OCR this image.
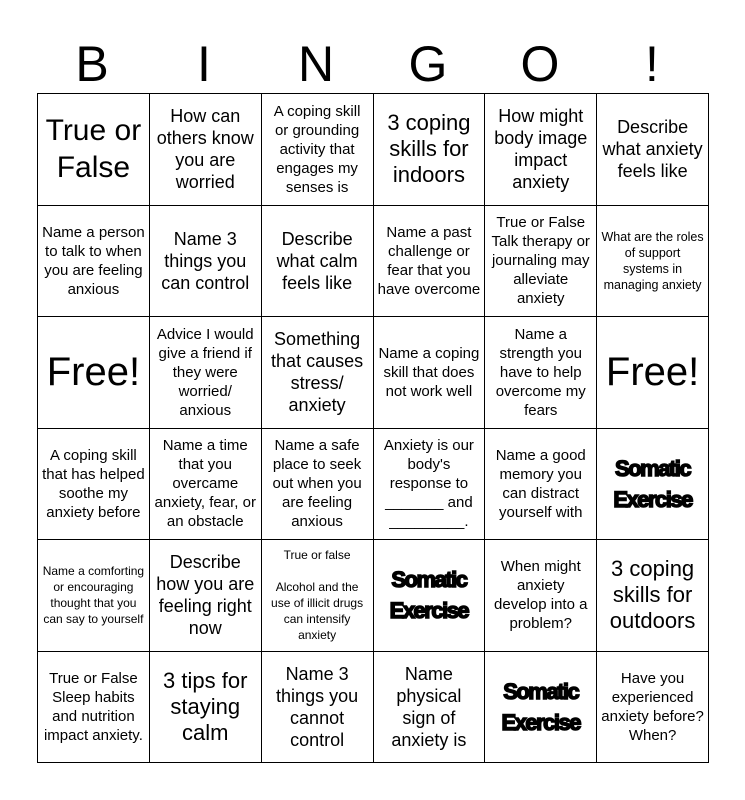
B	I	N	G	O	!
True or False
How can others know you are worried
A coping skill or grounding activity that engages my senses is
3 coping skills for indoors
How might body image impact anxiety
Describe what anxiety feels like
Name a person to talk to when you are feeling anxious
Name 3 things you can control
Describe what calm feels like
Name a past challenge or fear that you have overcome
True or False Talk therapy or journaling may alleviate anxiety
What are the roles of support systems in managing anxiety
Free!
Advice I would give a friend if they were worried/ anxious
Something that causes stress/ anxiety
Name a coping skill that does not work well
Name a strength you have to help overcome my fears
Free!
A coping skill that has helped soothe my anxiety before
Name a time that you overcame anxiety, fear, or an obstacle
Name a safe place to seek out when you are feeling anxious
Anxiety is our body's response to _______ and _________.
Name a good memory you can distract yourself with
Somatic Exercise
Name a comforting or encouraging thought that you can say to yourself
Describe how you are feeling right now
True or false

Alcohol and the use of illicit drugs can intensify anxiety
Somatic Exercise
When might anxiety develop into a problem?
3 coping skills for outdoors
True or False Sleep habits and nutrition impact anxiety.
3 tips for staying calm
Name 3 things you cannot control
Name physical sign of anxiety is
Somatic Exercise
Have you experienced anxiety before? When?
